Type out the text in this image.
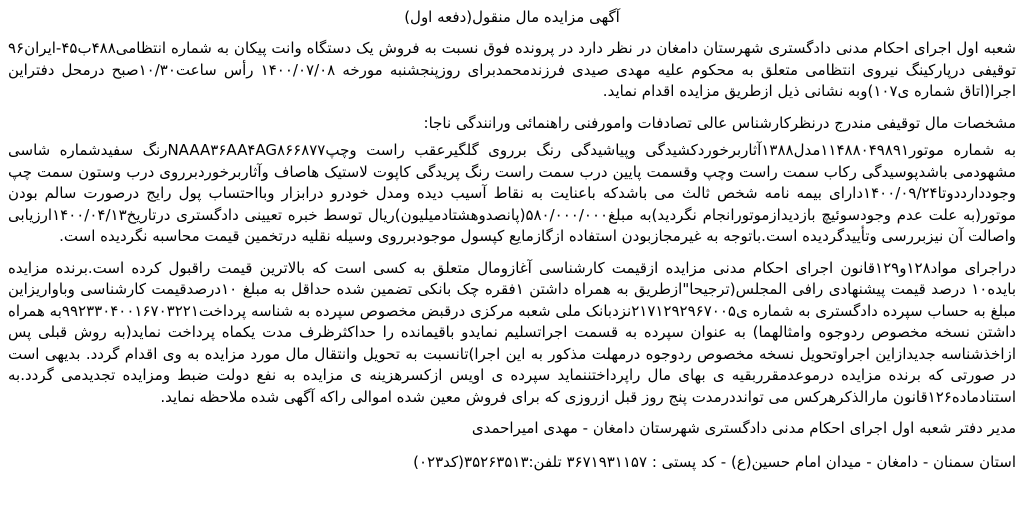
آگهی مزایده مال منقول(دفعه اول)
شعبه اول اجرای احکام مدنی دادگستری شهرستان دامغان در نظر دارد در پرونده فوق نسبت به فروش یک دستگاه وانت پیکان به شماره انتظامی۴۸۸ب۴۵-ایران۹۶ توقیفی درپارکینگ نیروی انتظامی متعلق به محکوم علیه مهدی صیدی فرزندمحمدبرای روزپنجشنبه مورخه ۱۴۰۰/۰۷/۰۸ رأس ساعت۱۰/۳۰صبح درمحل دفتراین اجرا(اتاق شماره ی۱۰۷)وبه نشانی ذیل ازطریق مزایده اقدام نماید.
مشخصات مال توقیفی مندرج درنظرکارشناس عالی تصادفات وامورفنی راهنمائی ورانندگی ناجا:
به شماره موتور۱۱۴۸۸۰۴۹۸۹۱مدل۱۳۸۸آثاربرخوردکشیدگی وپیاشیدگی رنگ برروی گلگیرعقب راست وچپNAAA۳۶AA۴AG۸۶۶۸۷۷رنگ سفیدشماره شاسی مشهودمی باشدپوسیدگی رکاب سمت راست وچپ وقسمت پایین درب سمت راست رنگ پریدگی کاپوت لاستیک هاصاف وآثاربرخوردبرروی درب وستون سمت چپ وجوددارددوتا۱۴۰۰/۰۹/۲۴دارای بیمه نامه شخص ثالث می باشدکه باعنایت به نقاط آسیب دیده ومدل خودرو درابزار وبااحتساب پول رایج درصورت سالم بودن موتور(به علت عدم وجودسوئیچ بازدیدازموتورانجام نگردید)به مبلغ۵۸۰/۰۰۰/۰۰۰(پانصدوهشتادمیلیون)ریال توسط خبره تعیینی دادگستری درتاریخ۱۴۰۰/۰۴/۱۳ارزیابی واصالت آن نیزبررسی وتأییدگردیده است.باتوجه به غیرمجازبودن استفاده ازگازمایع کپسول موجودبرروی وسیله نقلیه درتخمین قیمت محاسبه نگردیده است.
دراجرای مواد۱۲۸و۱۲۹قانون اجرای احکام مدنی مزایده ازقیمت کارشناسی آغازومال متعلق به کسی است که بالاترین قیمت راقبول کرده است.برنده مزایده بایده۱۰ درصد قیمت پیشنهادی رافی المجلس(ترجیحا"ازطریق به همراه داشتن ۱فقره چک بانکی تضمین شده حداقل به مبلغ ۱۰درصدقیمت کارشناسی وباواریزاین مبلغ به حساب سپرده دادگستری به شماره ی۲۱۷۱۲۹۲۹۶۷۰۰۵نزدبانک ملی شعبه مرکزی درقبض مخصوص سپرده به شناسه پرداخت۹۹۲۳۳۰۴۰۰۱۶۷۰۳۲۲۱به همراه داشتن نسخه مخصوص ردوجوه وامثالهما) به عنوان سپرده به قسمت اجراتسلیم نمایدو باقیمانده را حداکثرظرف مدت یکماه پرداخت نماید(به روش قبلی پس ازاخذشناسه جدیدازاین اجراوتحویل نسخه مخصوص ردوجوه درمهلت مذکور به این اجرا)تانسبت به تحویل وانتقال مال مورد مزایده به وی اقدام گردد. بدیهی است در صورتی که برنده مزایده درموعدمقرربقیه ی بهای مال راپرداختننماید سپرده ی اویس ازکسرهزینه ی مزایده به نفع دولت ضبط ومزایده تجدیدمی گردد.به استنادماده۱۲۶قانون مارالذکرهرکس می توانددرمدت پنج روز قبل ازروزی که برای فروش معین شده اموالی راکه آگهی شده ملاحظه نماید.
مدیر دفتر شعبه اول اجرای احکام مدنی دادگستری شهرستان دامغان - مهدی امیراحمدی
استان سمنان - دامغان - میدان امام حسین(ع) - کد پستی : ۳۶۷۱۹۳۱۱۵۷ تلفن:۳۵۲۶۳۵۱۳(کد۰۲۳)
